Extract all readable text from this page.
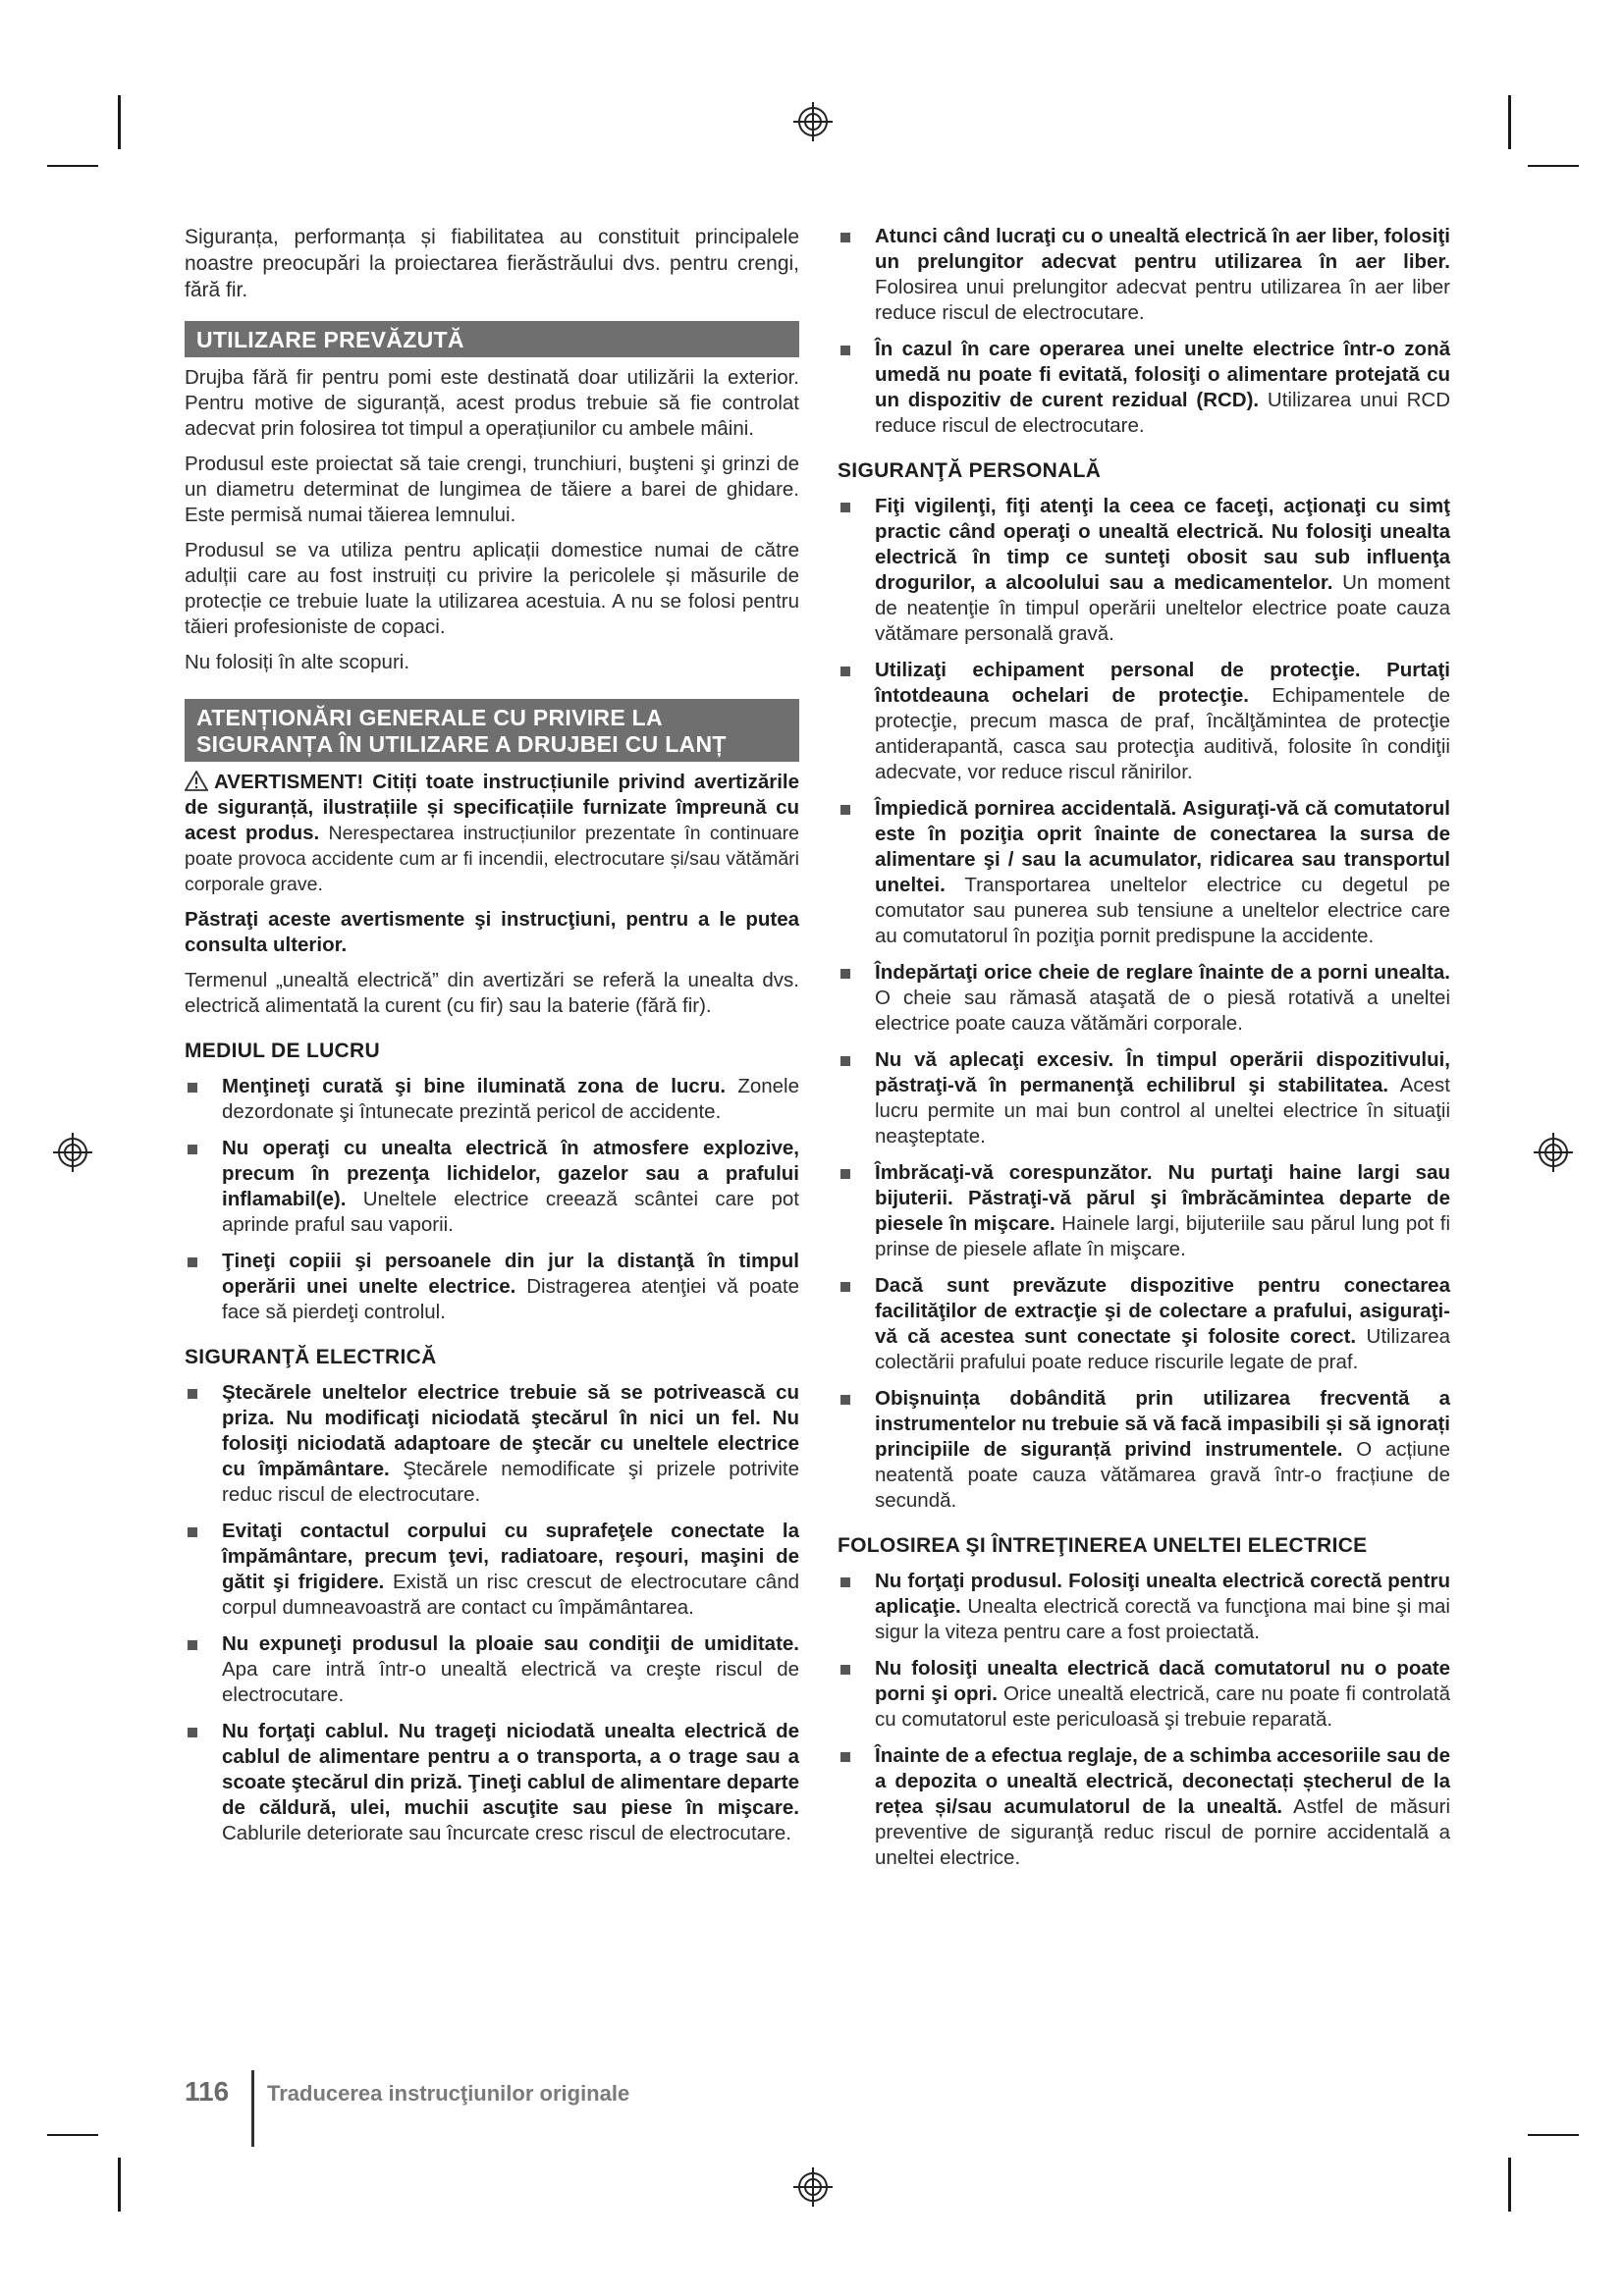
Siguranța, performanța și fiabilitatea au constituit principalele noastre preocupări la proiectarea fierăstrăului dvs. pentru crengi, fără fir.

UTILIZARE PREVĂZUTĂ

Drujba fără fir pentru pomi este destinată doar utilizării la exterior. Pentru motive de siguranță, acest produs trebuie să fie controlat adecvat prin folosirea tot timpul a operațiunilor cu ambele mâini.

Produsul este proiectat să taie crengi, trunchiuri, buşteni şi grinzi de un diametru determinat de lungimea de tăiere a barei de ghidare. Este permisă numai tăierea lemnului.

Produsul se va utiliza pentru aplicații domestice numai de către adulții care au fost instruiți cu privire la pericolele și măsurile de protecție ce trebuie luate la utilizarea acestuia. A nu se folosi pentru tăieri profesioniste de copaci.

Nu folosiți în alte scopuri.

ATENȚIONĂRI GENERALE CU PRIVIRE LA
SIGURANȚA ÎN UTILIZARE A DRUJBEI CU LANȚ

AVERTISMENT! Citiți toate instrucțiunile privind avertizările de siguranță, ilustrațiile și specificațiile furnizate împreună cu acest produs. Nerespectarea instrucțiunilor prezentate în continuare poate provoca accidente cum ar fi incendii, electrocutare și/sau vătămări corporale grave.

Păstraţi aceste avertismente şi instrucţiuni, pentru a le putea consulta ulterior.

Termenul „unealtă electrică” din avertizări se referă la unealta dvs. electrică alimentată la curent (cu fir) sau la baterie (fără fir).

MEDIUL DE LUCRU
Menţineţi curată şi bine iluminată zona de lucru. Zonele dezordonate şi întunecate prezintă pericol de accidente.
Nu operaţi cu unealta electrică în atmosfere explozive, precum în prezenţa lichidelor, gazelor sau a prafului inflamabil(e). Uneltele electrice creează scântei care pot aprinde praful sau vaporii.
Ţineţi copiii şi persoanele din jur la distanţă în timpul operării unei unelte electrice. Distragerea atenţiei vă poate face să pierdeţi controlul.
SIGURANŢĂ ELECTRICĂ
Ştecărele uneltelor electrice trebuie să se potrivească cu priza. Nu modificaţi niciodată ştecărul în nici un fel. Nu folosiţi niciodată adaptoare de ştecăr cu uneltele electrice cu împământare. Ştecărele nemodificate şi prizele potrivite reduc riscul de electrocutare.
Evitaţi contactul corpului cu suprafeţele conectate la împământare, precum ţevi, radiatoare, reşouri, maşini de gătit şi frigidere. Există un risc crescut de electrocutare când corpul dumneavoastră are contact cu împământarea.
Nu expuneţi produsul la ploaie sau condiţii de umiditate. Apa care intră într-o unealtă electrică va creşte riscul de electrocutare.
Nu forţaţi cablul. Nu trageţi niciodată unealta electrică de cablul de alimentare pentru a o transporta, a o trage sau a scoate ştecărul din priză. Ţineţi cablul de alimentare departe de căldură, ulei, muchii ascuţite sau piese în mişcare. Cablurile deteriorate sau încurcate cresc riscul de electrocutare.
Atunci când lucraţi cu o unealtă electrică în aer liber, folosiţi un prelungitor adecvat pentru utilizarea în aer liber. Folosirea unui prelungitor adecvat pentru utilizarea în aer liber reduce riscul de electrocutare.
În cazul în care operarea unei unelte electrice într-o zonă umedă nu poate fi evitată, folosiţi o alimentare protejată cu un dispozitiv de curent rezidual (RCD). Utilizarea unui RCD reduce riscul de electrocutare.
SIGURANŢĂ PERSONALĂ
Fiţi vigilenţi, fiţi atenţi la ceea ce faceţi, acţionaţi cu simţ practic când operaţi o unealtă electrică. Nu folosiţi unealta electrică în timp ce sunteţi obosit sau sub influenţa drogurilor, a alcoolului sau a medicamentelor. Un moment de neatenţie în timpul operării uneltelor electrice poate cauza vătămare personală gravă.
Utilizaţi echipament personal de protecţie. Purtaţi întotdeauna ochelari de protecţie. Echipamentele de protecţie, precum masca de praf, încălţămintea de protecţie antiderapantă, casca sau protecţia auditivă, folosite în condiţii adecvate, vor reduce riscul rănirilor.
Împiedică pornirea accidentală. Asiguraţi-vă că comutatorul este în poziţia oprit înainte de conectarea la sursa de alimentare şi / sau la acumulator, ridicarea sau transportul uneltei. Transportarea uneltelor electrice cu degetul pe comutator sau punerea sub tensiune a uneltelor electrice care au comutatorul în poziţia pornit predispune la accidente.
Îndepărtaţi orice cheie de reglare înainte de a porni unealta. O cheie sau rămasă ataşată de o piesă rotativă a uneltei electrice poate cauza vătămări corporale.
Nu vă aplecaţi excesiv. În timpul operării dispozitivului, păstraţi-vă în permanenţă echilibrul şi stabilitatea. Acest lucru permite un mai bun control al uneltei electrice în situaţii neaşteptate.
Îmbrăcaţi-vă corespunzător. Nu purtaţi haine largi sau bijuterii. Păstraţi-vă părul şi îmbrăcămintea departe de piesele în mişcare. Hainele largi, bijuteriile sau părul lung pot fi prinse de piesele aflate în mişcare.
Dacă sunt prevăzute dispozitive pentru conectarea facilităţilor de extracţie şi de colectare a prafului, asiguraţi-vă că acestea sunt conectate şi folosite corect. Utilizarea colectării prafului poate reduce riscurile legate de praf.
Obişnuința dobândită prin utilizarea frecventă a instrumentelor nu trebuie să vă facă impasibili și să ignorați principiile de siguranță privind instrumentele. O acțiune neatentă poate cauza vătămarea gravă într-o fracțiune de secundă.
FOLOSIREA ŞI ÎNTREŢINEREA UNELTEI ELECTRICE
Nu forţaţi produsul. Folosiţi unealta electrică corectă pentru aplicaţie. Unealta electrică corectă va funcţiona mai bine şi mai sigur la viteza pentru care a fost proiectată.
Nu folosiţi unealta electrică dacă comutatorul nu o poate porni şi opri. Orice unealtă electrică, care nu poate fi controlată cu comutatorul este periculoasă şi trebuie reparată.
Înainte de a efectua reglaje, de a schimba accesoriile sau de a depozita o unealtă electrică, deconectați ștecherul de la rețea și/sau acumulatorul de la unealtă. Astfel de măsuri preventive de siguranţă reduc riscul de pornire accidentală a uneltei electrice.
116 Traducerea instrucţiunilor originale
